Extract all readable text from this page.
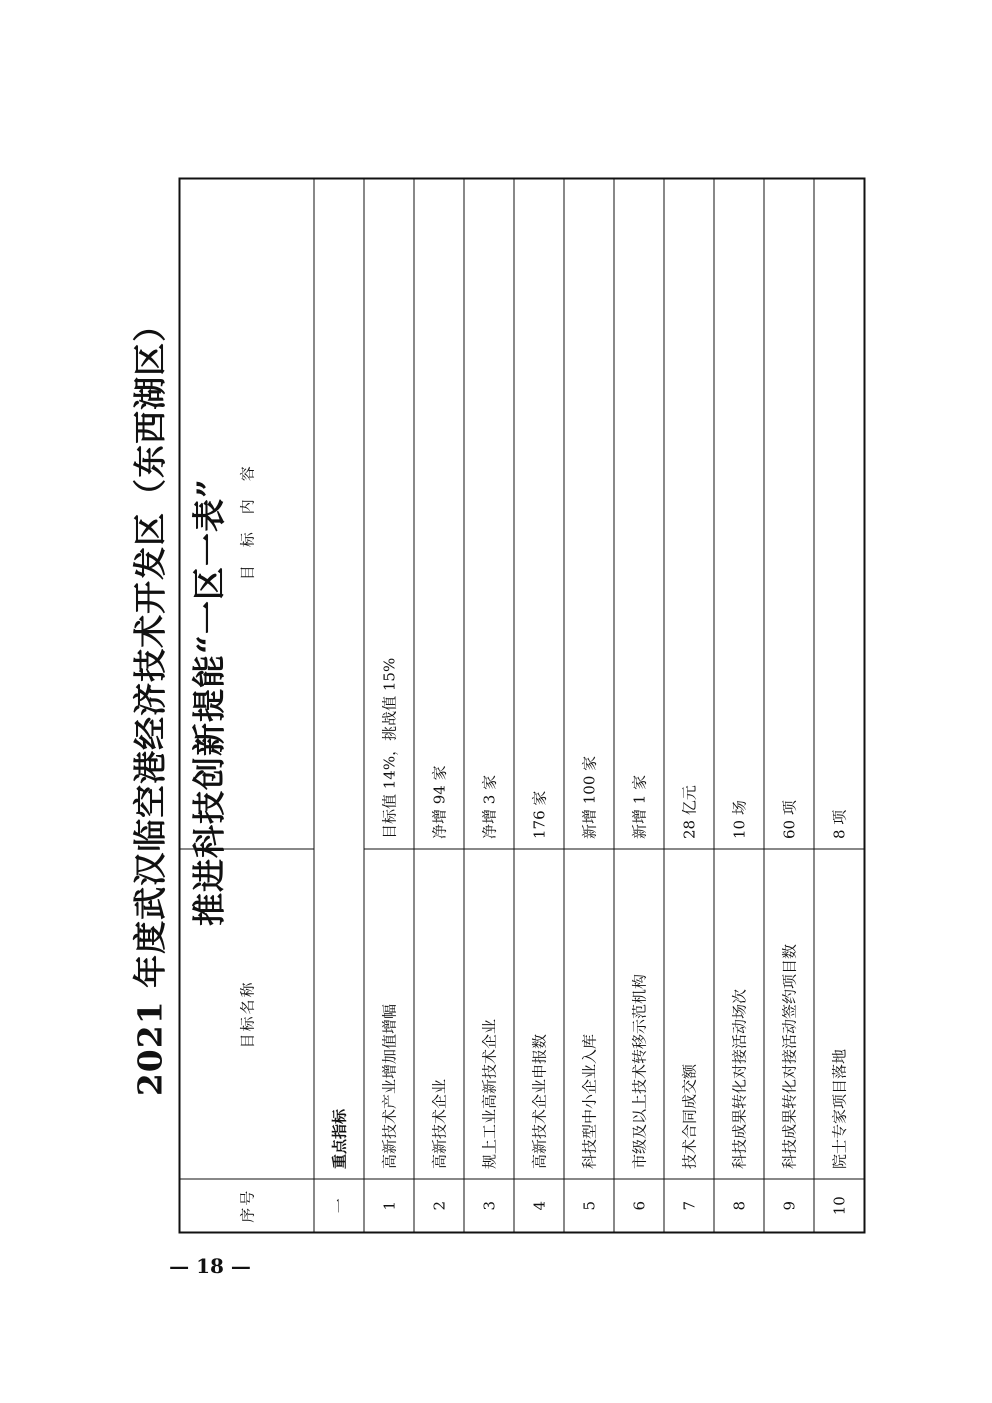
2021 年度武汉临空港经济技术开发区（东西湖区） 推进科技创新提能“一区一表”
序号	目标名称	目标内容
一	重点指标	
1	高新技术产业增加值增幅	目标值 14%，挑战值 15%
2	高新技术企业	净增 94 家
3	规上工业高新技术企业	净增 3 家
4	高新技术企业申报数	176 家
5	科技型中小企业入库	新增 100 家
6	市级及以上技术转移示范机构	新增 1 家
7	技术合同成交额	28 亿元
8	科技成果转化对接活动场次	10 场
9	科技成果转化对接活动签约项目数	60 项
10	院士专家项目落地	8 项
— 18 —
